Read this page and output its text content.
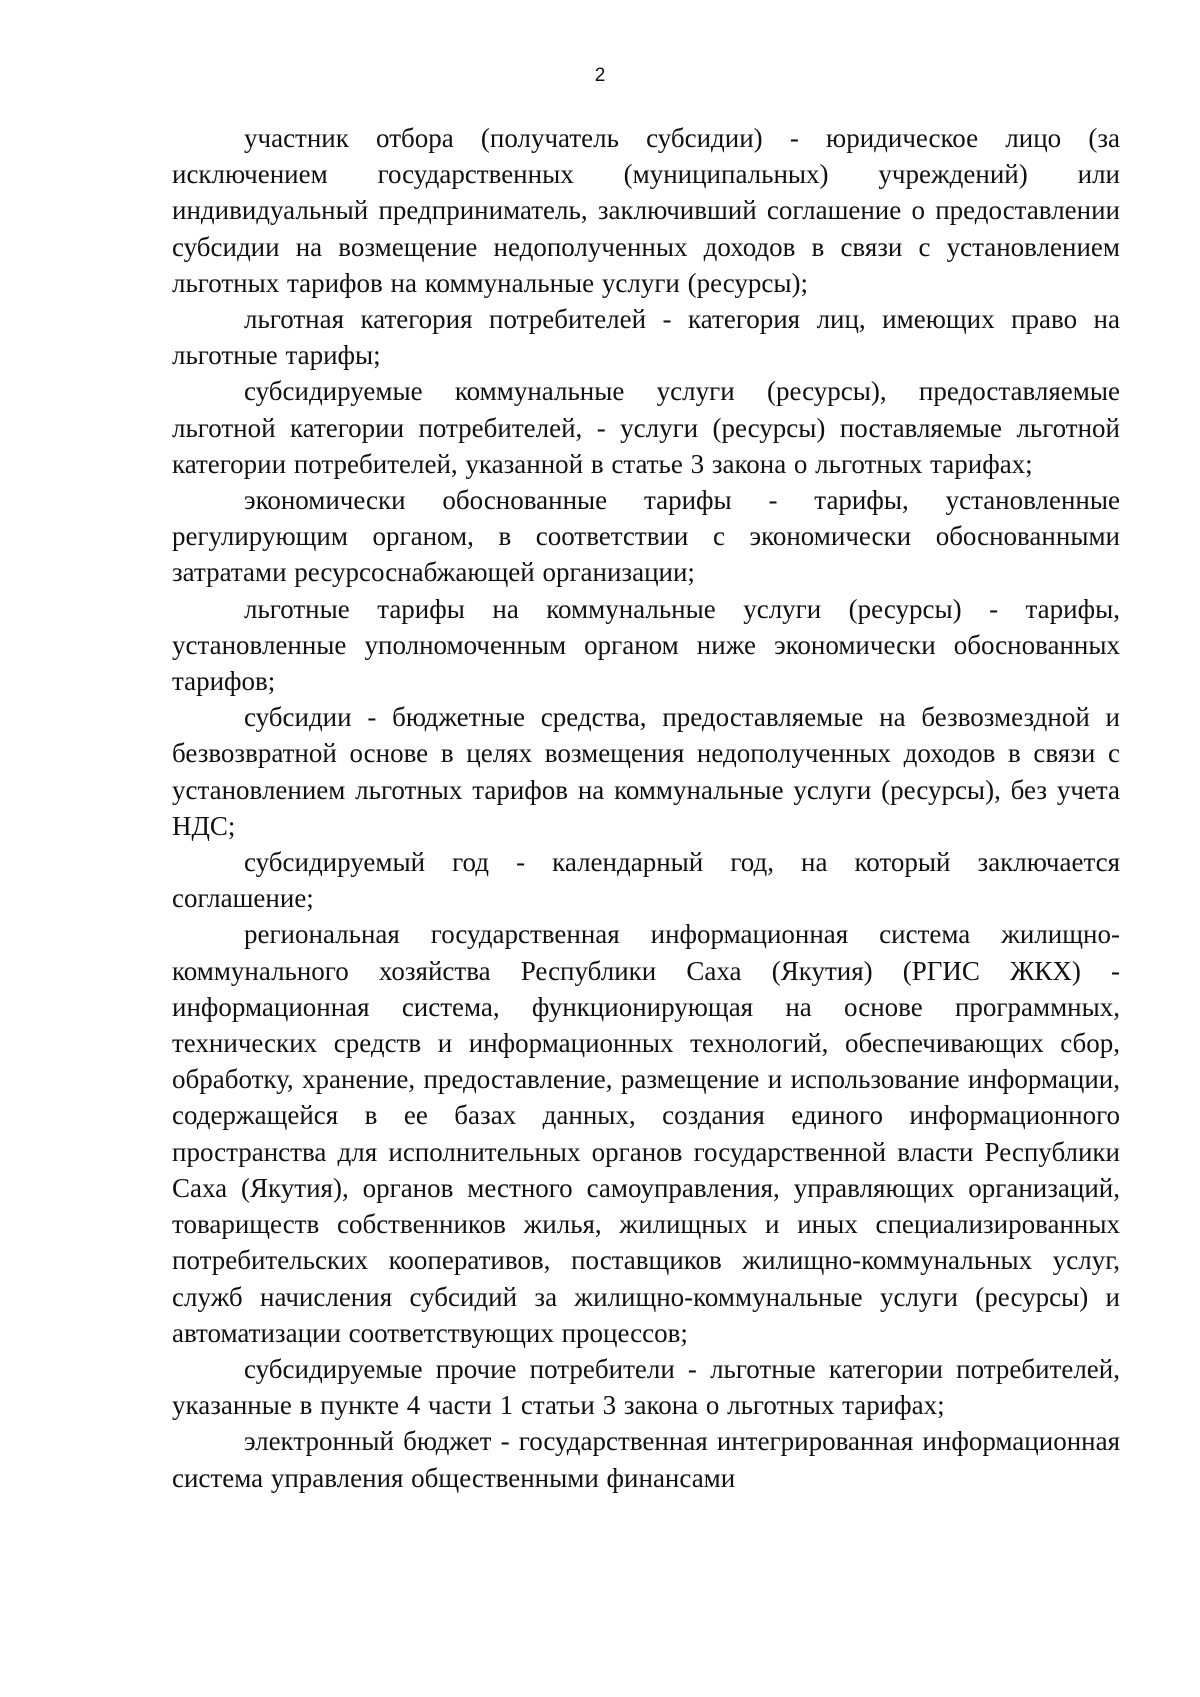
2

участник отбора (получатель субсидии) - юридическое лицо (за исключением государственных (муниципальных) учреждений) или индивидуальный предприниматель, заключивший соглашение о предоставлении субсидии на возмещение недополученных доходов в связи с установлением льготных тарифов на коммунальные услуги (ресурсы);

льготная категория потребителей - категория лиц, имеющих право на льготные тарифы;

субсидируемые коммунальные услуги (ресурсы), предоставляемые льготной категории потребителей, - услуги (ресурсы) поставляемые льготной категории потребителей, указанной в статье 3 закона о льготных тарифах;

экономически обоснованные тарифы - тарифы, установленные регулирующим органом, в соответствии с экономически обоснованными затратами ресурсоснабжающей организации;

льготные тарифы на коммунальные услуги (ресурсы) - тарифы, установленные уполномоченным органом ниже экономически обоснованных тарифов;

субсидии - бюджетные средства, предоставляемые на безвозмездной и безвозвратной основе в целях возмещения недополученных доходов в связи с установлением льготных тарифов на коммунальные услуги (ресурсы), без учета НДС;

субсидируемый год - календарный год, на который заключается соглашение;

региональная государственная информационная система жилищно-коммунального хозяйства Республики Саха (Якутия) (РГИС ЖКХ) - информационная система, функционирующая на основе программных, технических средств и информационных технологий, обеспечивающих сбор, обработку, хранение, предоставление, размещение и использование информации, содержащейся в ее базах данных, создания единого информационного пространства для исполнительных органов государственной власти Республики Саха (Якутия), органов местного самоуправления, управляющих организаций, товариществ собственников жилья, жилищных и иных специализированных потребительских кооперативов, поставщиков жилищно-коммунальных услуг, служб начисления субсидий за жилищно-коммунальные услуги (ресурсы) и автоматизации соответствующих процессов;

субсидируемые прочие потребители - льготные категории потребителей, указанные в пункте 4 части 1 статьи 3 закона о льготных тарифах;

электронный бюджет - государственная интегрированная информационная система управления общественными финансами
